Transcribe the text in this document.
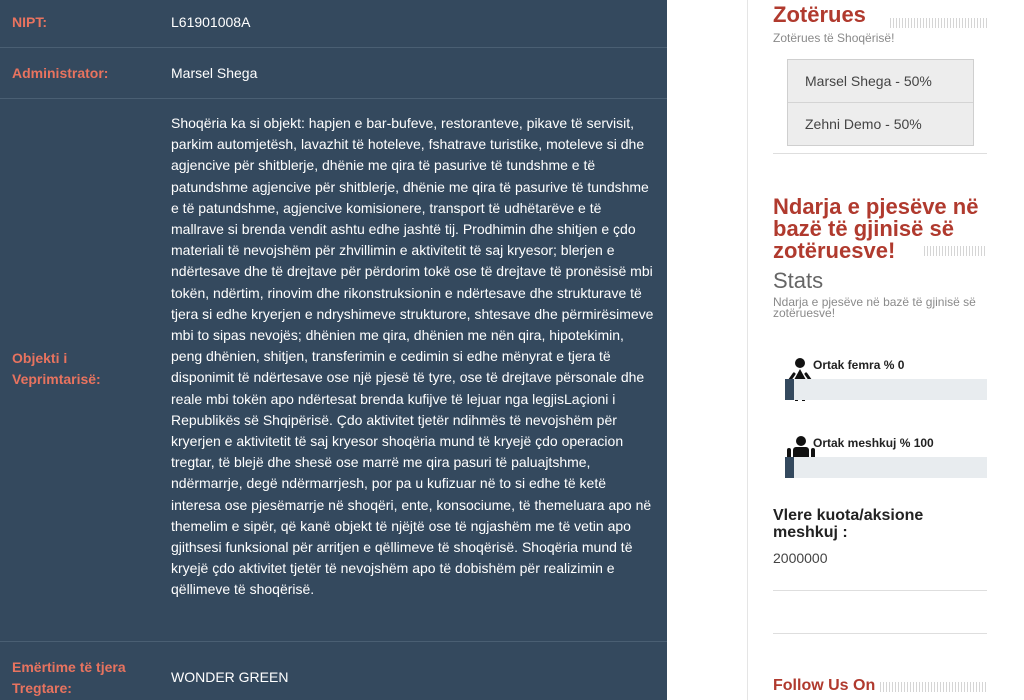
NIPT:	L61901008A
Administrator:	Marsel Shega
Objekti i Veprimtarisë:
Shoqëria ka si objekt: hapjen e bar-bufeve, restoranteve, pikave të servisit, parkim automjetësh, lavazhit të hoteleve, fshatrave turistike, moteleve si dhe agjencive për shitblerje, dhënie me qira të pasurive të tundshme e të patundshme agjencive për shitblerje, dhënie me qira të pasurive të tundshme e të patundshme, agjencive komisionere, transport të udhëtarëve e të mallrave si brenda vendit ashtu edhe jashtë tij. Prodhimin dhe shitjen e çdo materiali të nevojshëm për zhvillimin e aktivitetit të saj kryesor; blerjen e ndërtesave dhe të drejtave për përdorim tokë ose të drejtave të pronësisë mbi tokën, ndërtim, rinovim dhe rikonstruksionin e ndërtesave dhe strukturave të tjera si edhe kryerjen e ndryshimeve strukturore, shtesave dhe përmirësimeve mbi to sipas nevojës; dhënien me qira, dhënien me nën qira, hipotekimin, peng dhënien, shitjen, transferimin e cedimin si edhe mënyrat e tjera të disponimit të ndërtesave ose një pjesë të tyre, ose të drejtave përsonale dhe reale mbi tokën apo ndërtesat brenda kufijve të lejuar nga legjisLaçioni i Republikës së Shqipërisë. Çdo aktivitet tjetër ndihmës të nevojshëm për kryerjen e aktivitetit të saj kryesor shoqëria mund të kryejë çdo operacion tregtar, të blejë dhe shesë ose marrë me qira pasuri të paluajtshme, ndërmarrje, degë ndërmarrjesh, por pa u kufizuar në to si edhe të ketë interesa ose pjesëmarrje në shoqëri, ente, konsociume, të themeluara apo në themelim e sipër, që kanë objekt të njëjtë ose të ngjashëm me të vetin apo gjithsesi funksional për arritjen e qëllimeve të shoqërisë. Shoqëria mund të kryejë çdo aktivitet tjetër të nevojshëm apo të dobishëm për realizimin e qëllimeve të shoqërisë.
Emërtime të tjera Tregtare:
WONDER GREEN
Zotërues
Zotërues të Shoqërisë!
Marsel Shega - 50%
Zehni Demo - 50%
Ndarja e pjesëve në bazë të gjinisë së zotëruesve!
Stats
Ndarja e pjesëve në bazë të gjinisë së zotëruesve!
Ortak femra % 0
Ortak meshkuj % 100
Vlere kuota/aksione meshkuj :
2000000
Follow Us On
